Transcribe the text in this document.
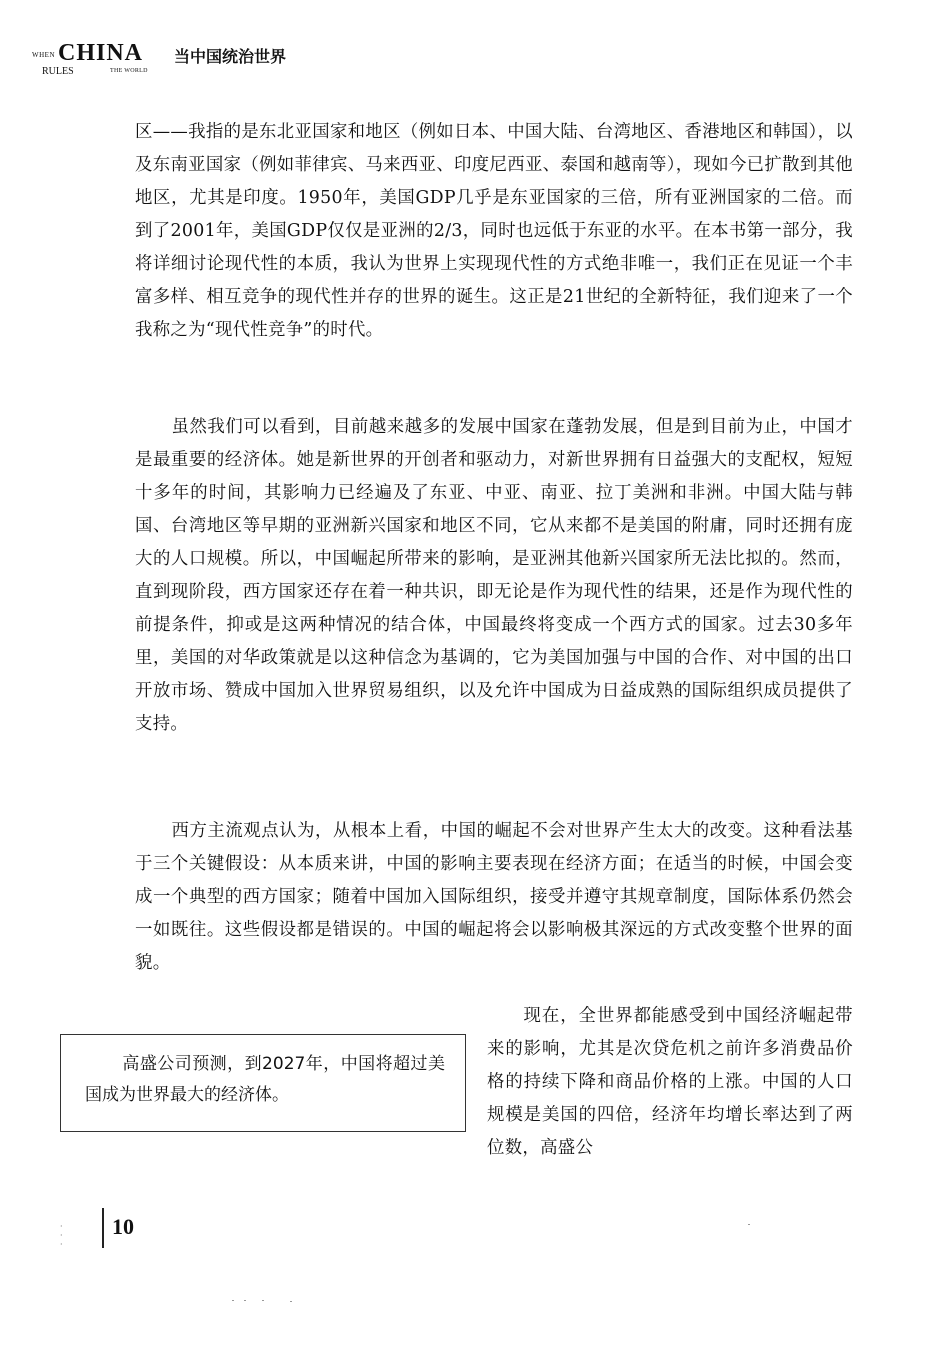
WHEN CHINA
RULES	THE WORLD
当中国统治世界

区——我指的是东北亚国家和地区（例如日本、中国大陆、台湾地区、香港地区和韩国），以及东南亚国家（例如菲律宾、马来西亚、印度尼西亚、泰国和越南等），现如今已扩散到其他地区，尤其是印度。1950年，美国GDP几乎是东亚国家的三倍，所有亚洲国家的二倍。而到了2001年，美国GDP仅仅是亚洲的2/3，同时也远低于东亚的水平。在本书第一部分，我将详细讨论现代性的本质，我认为世界上实现现代性的方式绝非唯一，我们正在见证一个丰富多样、相互竞争的现代性并存的世界的诞生。这正是21世纪的全新特征，我们迎来了一个我称之为“现代性竞争”的时代。

虽然我们可以看到，目前越来越多的发展中国家在蓬勃发展，但是到目前为止，中国才是最重要的经济体。她是新世界的开创者和驱动力，对新世界拥有日益强大的支配权，短短十多年的时间，其影响力已经遍及了东亚、中亚、南亚、拉丁美洲和非洲。中国大陆与韩国、台湾地区等早期的亚洲新兴国家和地区不同，它从来都不是美国的附庸，同时还拥有庞大的人口规模。所以，中国崛起所带来的影响，是亚洲其他新兴国家所无法比拟的。然而，直到现阶段，西方国家还存在着一种共识，即无论是作为现代性的结果，还是作为现代性的前提条件，抑或是这两种情况的结合体，中国最终将变成一个西方式的国家。过去30多年里，美国的对华政策就是以这种信念为基调的，它为美国加强与中国的合作、对中国的出口开放市场、赞成中国加入世界贸易组织，以及允许中国成为日益成熟的国际组织成员提供了支持。

西方主流观点认为，从根本上看，中国的崛起不会对世界产生太大的改变。这种看法基于三个关键假设：从本质来讲，中国的影响主要表现在经济方面；在适当的时候，中国会变成一个典型的西方国家；随着中国加入国际组织，接受并遵守其规章制度，国际体系仍然会一如既往。这些假设都是错误的。中国的崛起将会以影响极其深远的方式改变整个世界的面貌。

现在，全世界都能感受到中国经济崛起带来的影响，尤其是次贷危机之前许多消费品价格的持续下降和商品价格的上涨。中国的人口规模是美国的四倍，经济年均增长率达到了两位数，高盛公

高盛公司预测，到2027年，中国将超过美国成为世界最大的经济体。
· · ·
10
